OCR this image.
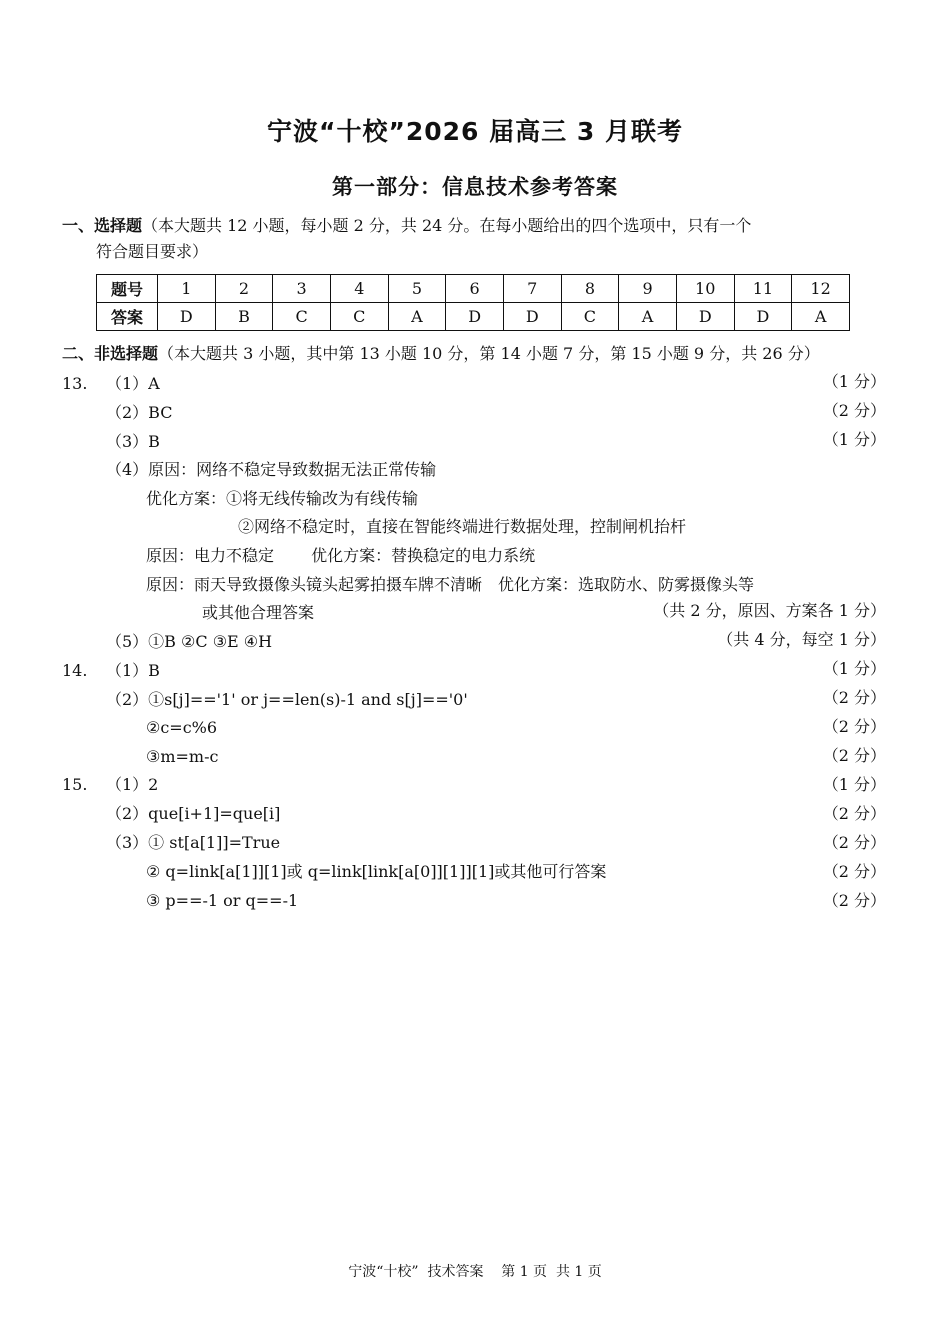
宁波“十校”2026 届高三 3 月联考
第一部分：信息技术参考答案
一、选择题（本大题共 12 小题，每小题 2 分，共 24 分。在每小题给出的四个选项中，只有一个
符合题目要求）
题号	1	2	3	4	5	6	7	8	9	10	11	12
答案	D	B	C	C	A	D	D	C	A	D	D	A
二、非选择题（本大题共 3 小题，其中第 13 小题 10 分，第 14 小题 7 分，第 15 小题 9 分，共 26 分）
13. （1）A	（1 分）
（2）BC	（2 分）
（3）B	（1 分）
（4）原因：网络不稳定导致数据无法正常传输
优化方案：①将无线传输改为有线传输
②网络不稳定时，直接在智能终端进行数据处理，控制闸机抬杆
原因：电力不稳定　　 优化方案：替换稳定的电力系统
原因：雨天导致摄像头镜头起雾拍摄车牌不清晰　优化方案：选取防水、防雾摄像头等
或其他合理答案	（共 2 分，原因、方案各 1 分）
（5）①B ②C ③E ④H	（共 4 分，每空 1 分）
14. （1）B	（1 分）
（2）①s[j]=='1' or j==len(s)-1 and s[j]=='0'	（2 分）
②c=c%6	（2 分）
③m=m-c	（2 分）
15. （1）2	（1 分）
（2）que[i+1]=que[i]	（2 分）
（3）① st[a[1]]=True	（2 分）
② q=link[a[1]][1]或 q=link[link[a[0]][1]][1]或其他可行答案	（2 分）
③ p==-1 or q==-1	（2 分）
宁波“十校”  技术答案    第 1 页  共 1 页
